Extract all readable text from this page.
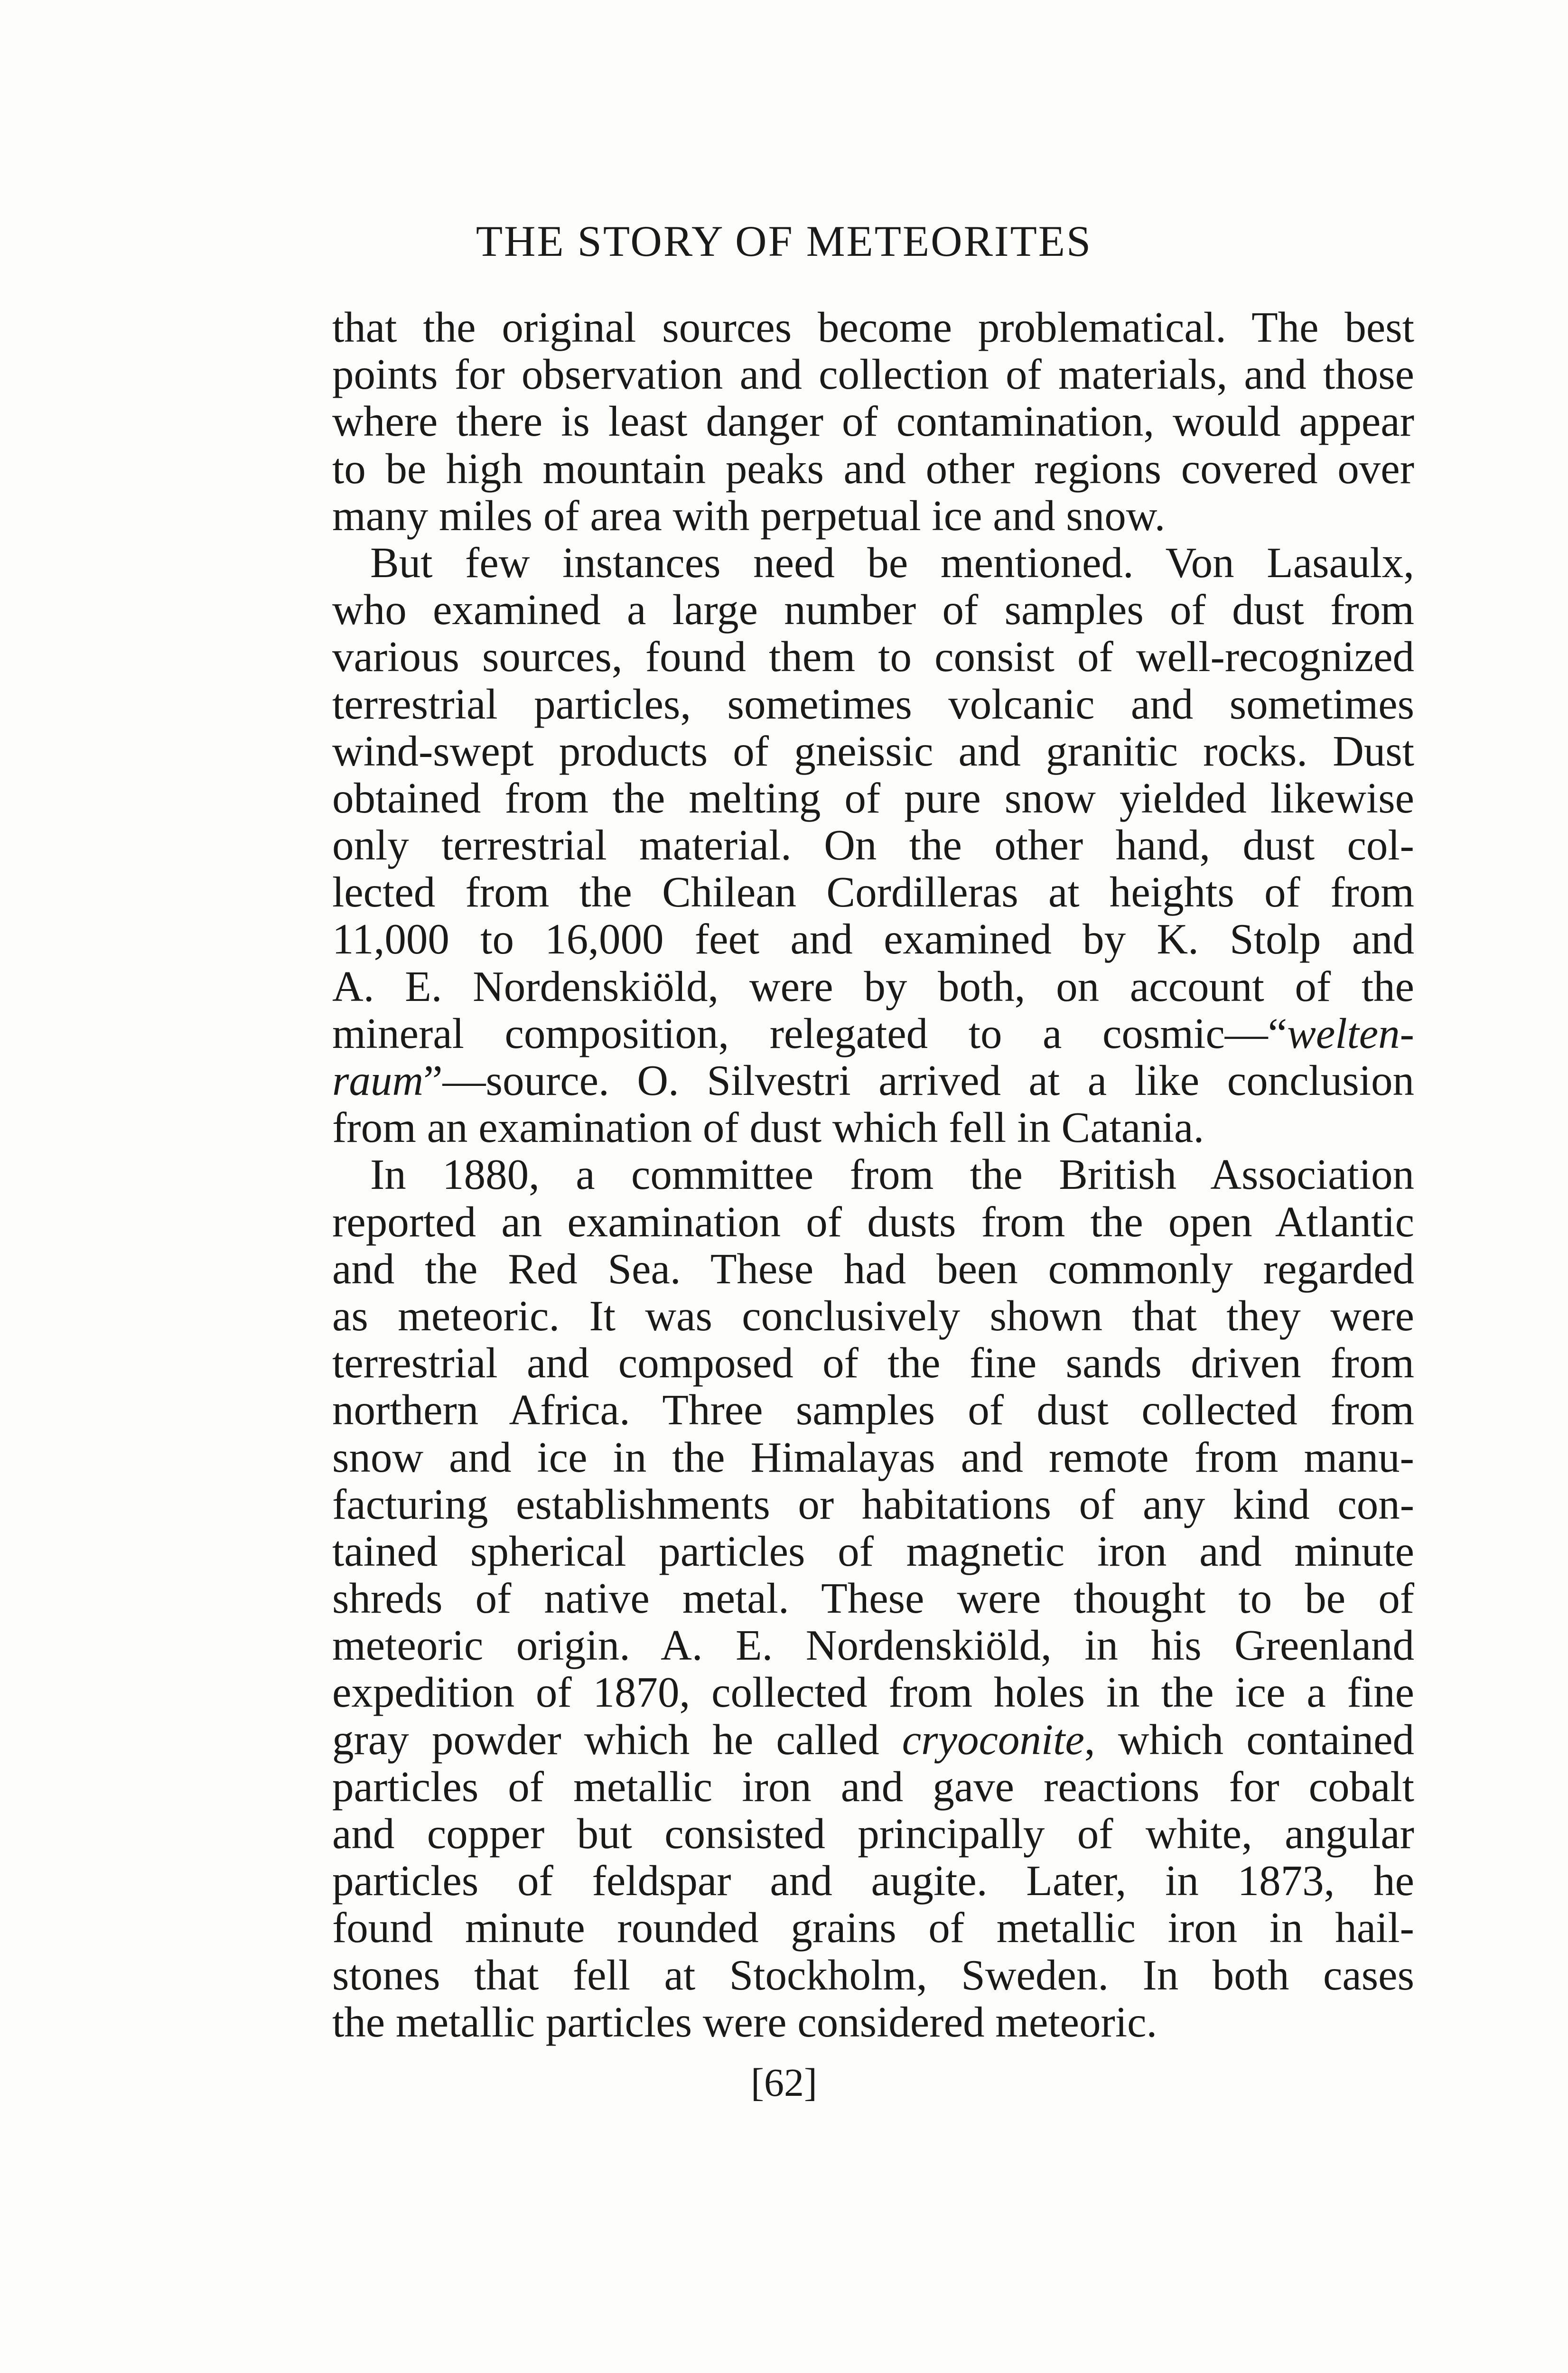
THE STORY OF METEORITES
that the original sources become problematical. The best
points for observation and collection of materials, and those
where there is least danger of contamination, would appear
to be high mountain peaks and other regions covered over
many miles of area with perpetual ice and snow.
But few instances need be mentioned. Von Lasaulx,
who examined a large number of samples of dust from
various sources, found them to consist of well-recognized
terrestrial particles, sometimes volcanic and sometimes
wind-swept products of gneissic and granitic rocks. Dust
obtained from the melting of pure snow yielded likewise
only terrestrial material. On the other hand, dust col-
lected from the Chilean Cordilleras at heights of from
11,000 to 16,000 feet and examined by K. Stolp and
A. E. Nordenskiöld, were by both, on account of the
mineral composition, relegated to a cosmic—“welten-
raum”—source. O. Silvestri arrived at a like conclusion
from an examination of dust which fell in Catania.
In 1880, a committee from the British Association
reported an examination of dusts from the open Atlantic
and the Red Sea. These had been commonly regarded
as meteoric. It was conclusively shown that they were
terrestrial and composed of the fine sands driven from
northern Africa. Three samples of dust collected from
snow and ice in the Himalayas and remote from manu-
facturing establishments or habitations of any kind con-
tained spherical particles of magnetic iron and minute
shreds of native metal. These were thought to be of
meteoric origin. A. E. Nordenskiöld, in his Greenland
expedition of 1870, collected from holes in the ice a fine
gray powder which he called cryoconite, which contained
particles of metallic iron and gave reactions for cobalt
and copper but consisted principally of white, angular
particles of feldspar and augite. Later, in 1873, he
found minute rounded grains of metallic iron in hail-
stones that fell at Stockholm, Sweden. In both cases
the metallic particles were considered meteoric.
[62]
